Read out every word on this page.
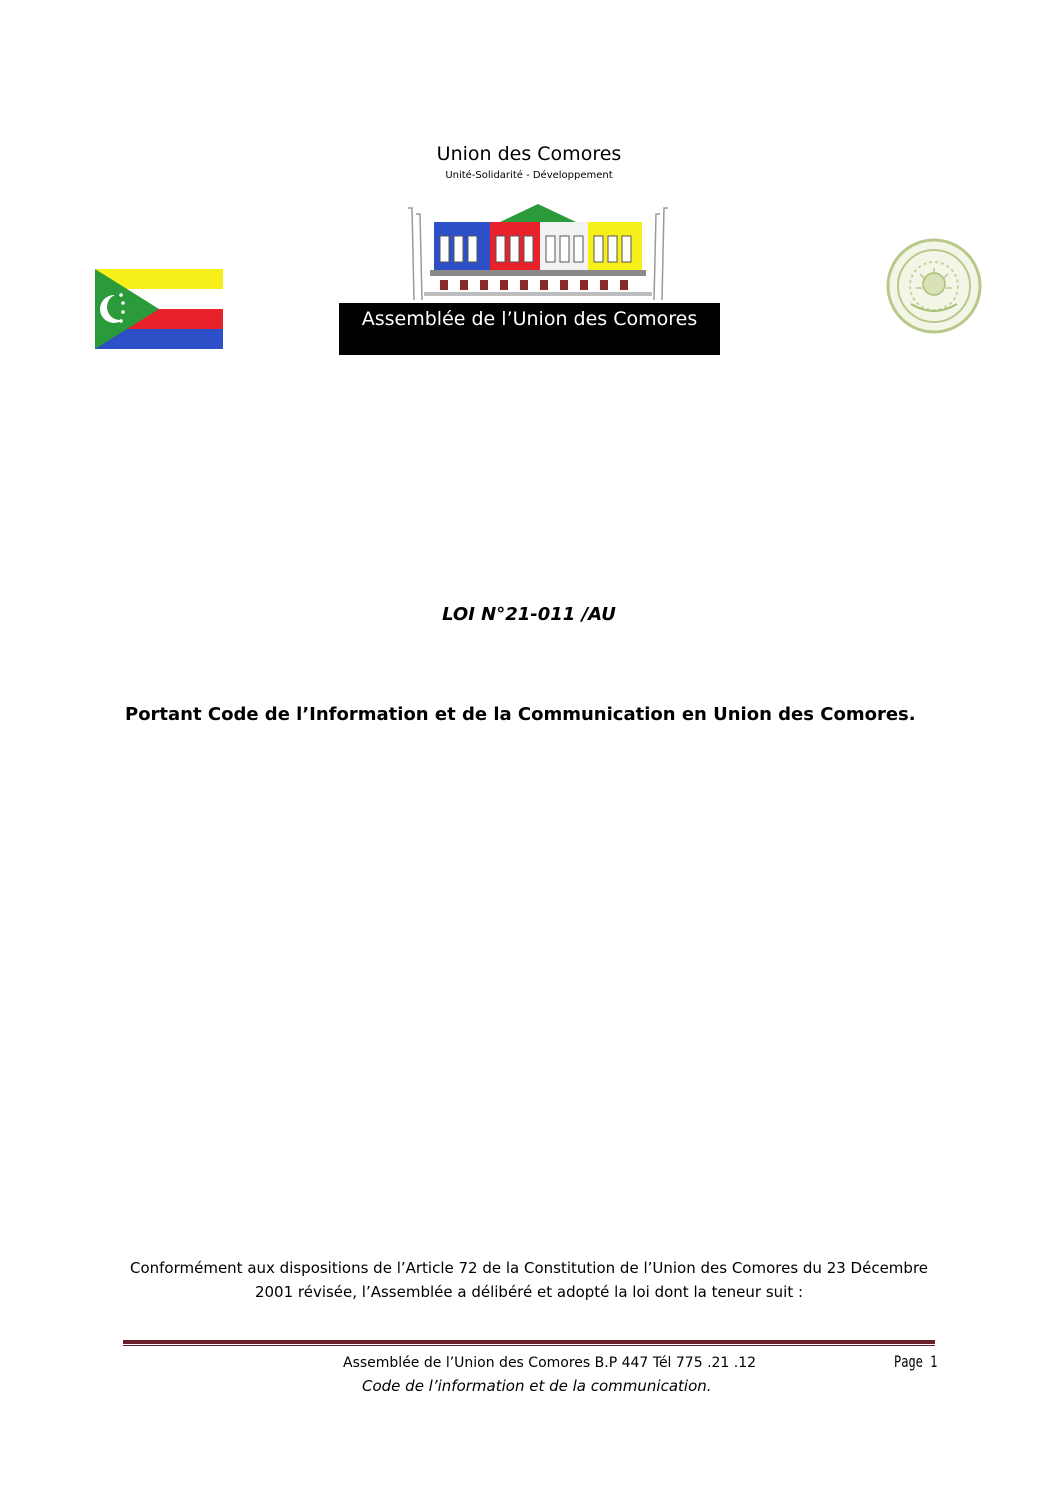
Union des Comores
Unité-Solidarité - Développement
Assemblée de l’Union des Comores
LOI N°21-011 /AU
Portant Code de l’Information et de la Communication en Union des Comores.
Conformément aux dispositions de l’Article 72 de la Constitution de l’Union des Comores du 23 Décembre
2001 révisée, l’Assemblée a délibéré et adopté la loi dont la teneur suit :
Assemblée de l’Union des Comores B.P 447 Tél 775 .21 .12	Page 1
Code de l’information et de la communication.
